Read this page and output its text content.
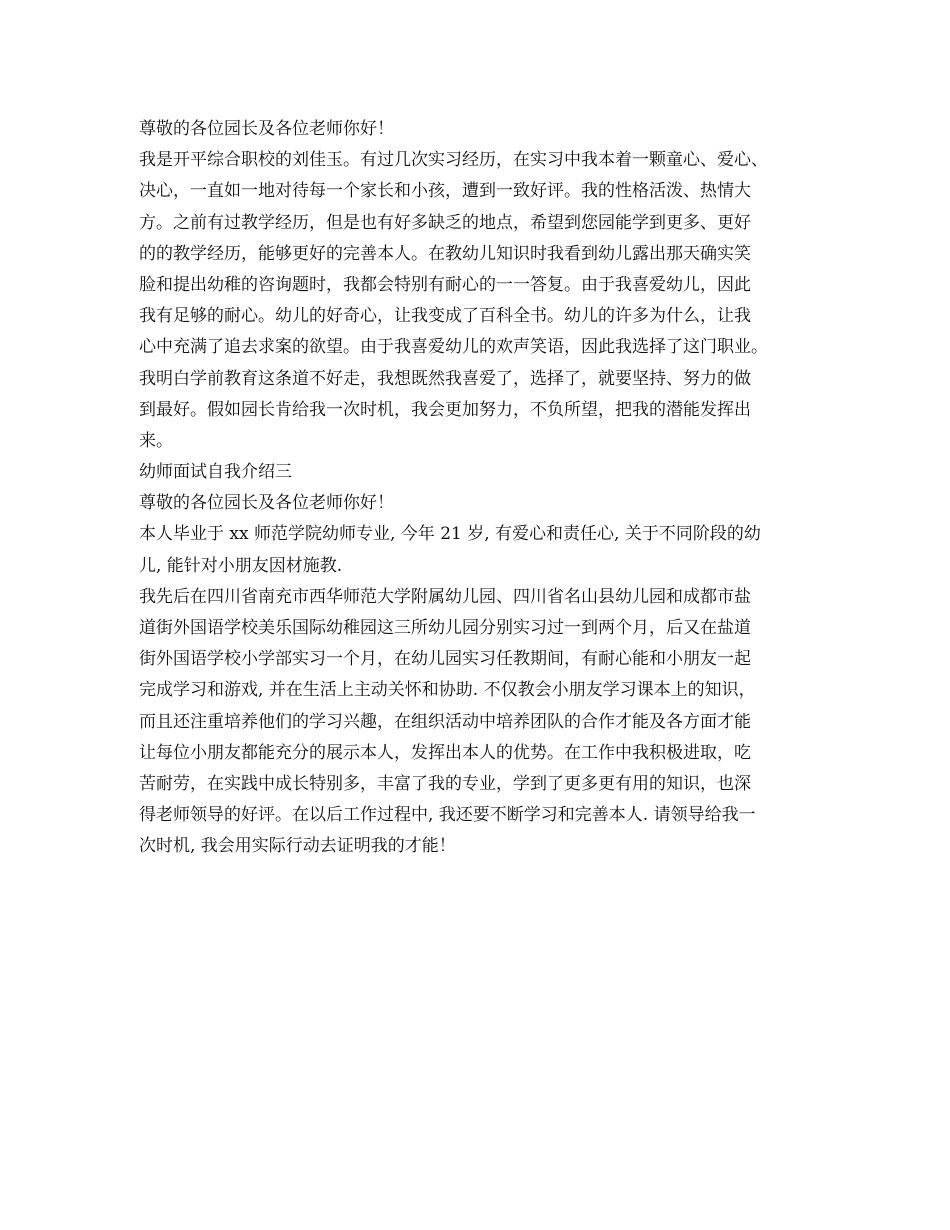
尊敬的各位园长及各位老师你好！
我是开平综合职校的刘佳玉。有过几次实习经历，在实习中我本着一颗童心、爱心、
决心，一直如一地对待每一个家长和小孩，遭到一致好评。我的性格活泼、热情大
方。之前有过教学经历，但是也有好多缺乏的地点，希望到您园能学到更多、更好
的的教学经历，能够更好的完善本人。在教幼儿知识时我看到幼儿露出那天确实笑
脸和提出幼稚的咨询题时，我都会特别有耐心的一一答复。由于我喜爱幼儿，因此
我有足够的耐心。幼儿的好奇心，让我变成了百科全书。幼儿的许多为什么，让我
心中充满了追去求案的欲望。由于我喜爱幼儿的欢声笑语，因此我选择了这门职业。
我明白学前教育这条道不好走，我想既然我喜爱了，选择了，就要坚持、努力的做
到最好。假如园长肯给我一次时机，我会更加努力，不负所望，把我的潜能发挥出
来。
幼师面试自我介绍三
尊敬的各位园长及各位老师你好！
本人毕业于 xx 师范学院幼师专业, 今年 21 岁, 有爱心和责任心, 关于不同阶段的幼
儿, 能针对小朋友因材施教.
我先后在四川省南充市西华师范大学附属幼儿园、四川省名山县幼儿园和成都市盐
道街外国语学校美乐国际幼稚园这三所幼儿园分别实习过一到两个月，后又在盐道
街外国语学校小学部实习一个月，在幼儿园实习任教期间，有耐心能和小朋友一起
完成学习和游戏, 并在生活上主动关怀和协助. 不仅教会小朋友学习课本上的知识，
而且还注重培养他们的学习兴趣，在组织活动中培养团队的合作才能及各方面才能
让每位小朋友都能充分的展示本人，发挥出本人的优势。在工作中我积极进取，吃
苦耐劳，在实践中成长特别多，丰富了我的专业，学到了更多更有用的知识，也深
得老师领导的好评。在以后工作过程中, 我还要不断学习和完善本人. 请领导给我一
次时机, 我会用实际行动去证明我的才能！
